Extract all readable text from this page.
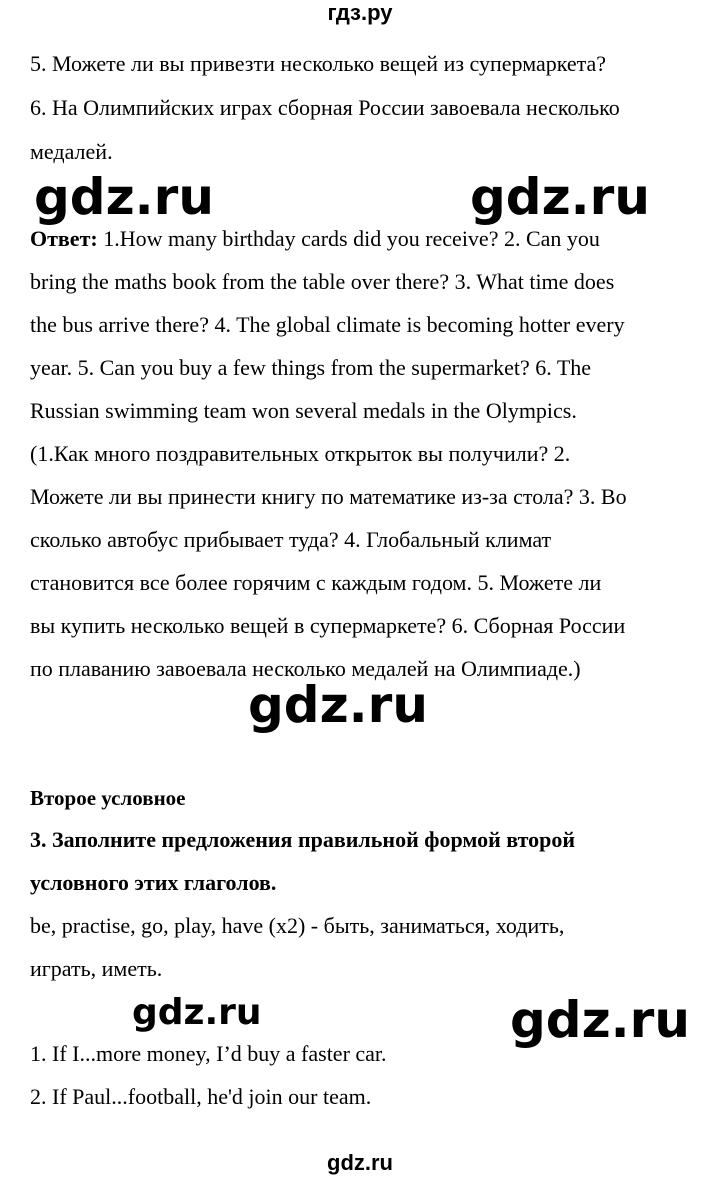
гдз.ру
5. Можете ли вы привезти несколько вещей из супермаркета?
6. На Олимпийских играх сборная России завоевала несколько
медалей.
gdz.ru	gdz.ru
Ответ: 1.How many birthday cards did you receive? 2. Can you
bring the maths book from the table over there? 3. What time does
the bus arrive there? 4. The global climate is becoming hotter every
year. 5. Can you buy a few things from the supermarket? 6. The
Russian swimming team won several medals in the Olympics.
(1.Как много поздравительных открыток вы получили? 2.
Можете ли вы принести книгу по математике из-за стола? 3. Во
сколько автобус прибывает туда? 4. Глобальный климат
становится все более горячим с каждым годом. 5. Можете ли
вы купить несколько вещей в супермаркете? 6. Сборная России
по плаванию завоевала несколько медалей на Олимпиаде.)
gdz.ru
Второе условное
3. Заполните предложения правильной формой второй
условного этих глаголов.
be, practise, go, play, have (x2) - быть, заниматься, ходить,
играть, иметь.
gdz.ru	gdz.ru
1. If I...more money, I’d buy a faster car.
2. If Paul...football, he'd join our team.
gdz.ru
